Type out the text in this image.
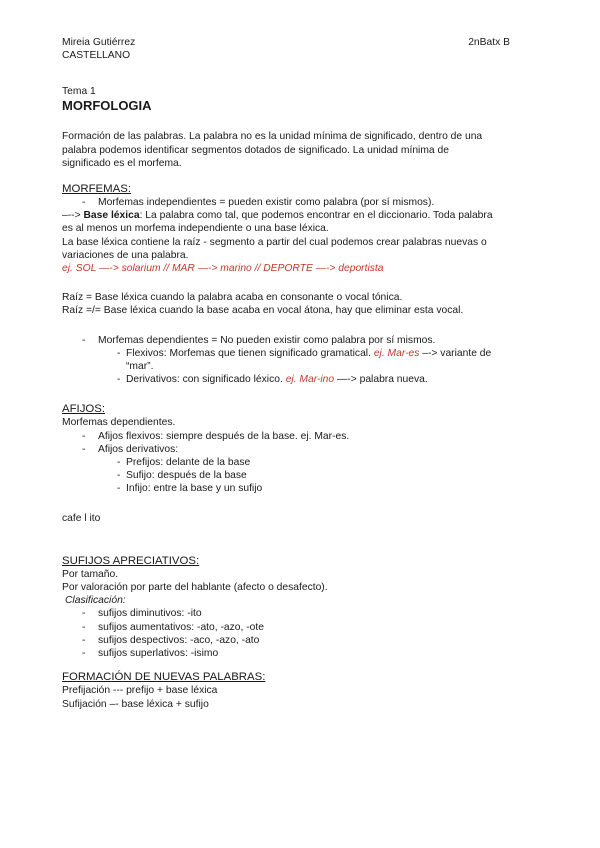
Mireia Gutiérrez	2nBatx B
CASTELLANO
Tema 1
MORFOLOGIA
Formación de las palabras. La palabra no es la unidad mínima de significado, dentro de una
palabra podemos identificar segmentos dotados de significado. La unidad mínima de
significado es el morfema.
MORFEMAS:
- Morfemas independientes = pueden existir como palabra (por sí mismos).
–--> Base léxica: La palabra como tal, que podemos encontrar en el diccionario. Toda palabra
es al menos un morfema independiente o una base léxica.
La base léxica contiene la raíz - segmento a partir del cual podemos crear palabras nuevas o
variaciones de una palabra.
ej. SOL —-> solarium // MAR —-> marino // DEPORTE —-> deportista
Raíz = Base léxica cuando la palabra acaba en consonante o vocal tónica.
Raíz =/= Base léxica cuando la base acaba en vocal átona, hay que eliminar esta vocal.
- Morfemas dependientes = No pueden existir como palabra por sí mismos.
- Flexivos: Morfemas que tienen significado gramatical. ej. Mar-es –-> variante de
“mar”.
- Derivativos: con significado léxico. ej. Mar-ino —-> palabra nueva.
AFIJOS:
Morfemas dependientes.
- Afijos flexivos: siempre después de la base. ej. Mar-es.
- Afijos derivativos:
- Prefijos: delante de la base
- Sufijo: después de la base
- Infijo: entre la base y un sufijo
cafe l ito
SUFIJOS APRECIATIVOS:
Por tamaño.
Por valoración por parte del hablante (afecto o desafecto).
Clasificación:
- sufijos diminutivos: -ito
- sufijos aumentativos: -ato, -azo, -ote
- sufijos despectivos: -aco, -azo, -ato
- sufijos superlativos: -isimo
FORMACIÓN DE NUEVAS PALABRAS:
Prefijación --- prefijo + base léxica
Sufijación –- base léxica + sufijo
